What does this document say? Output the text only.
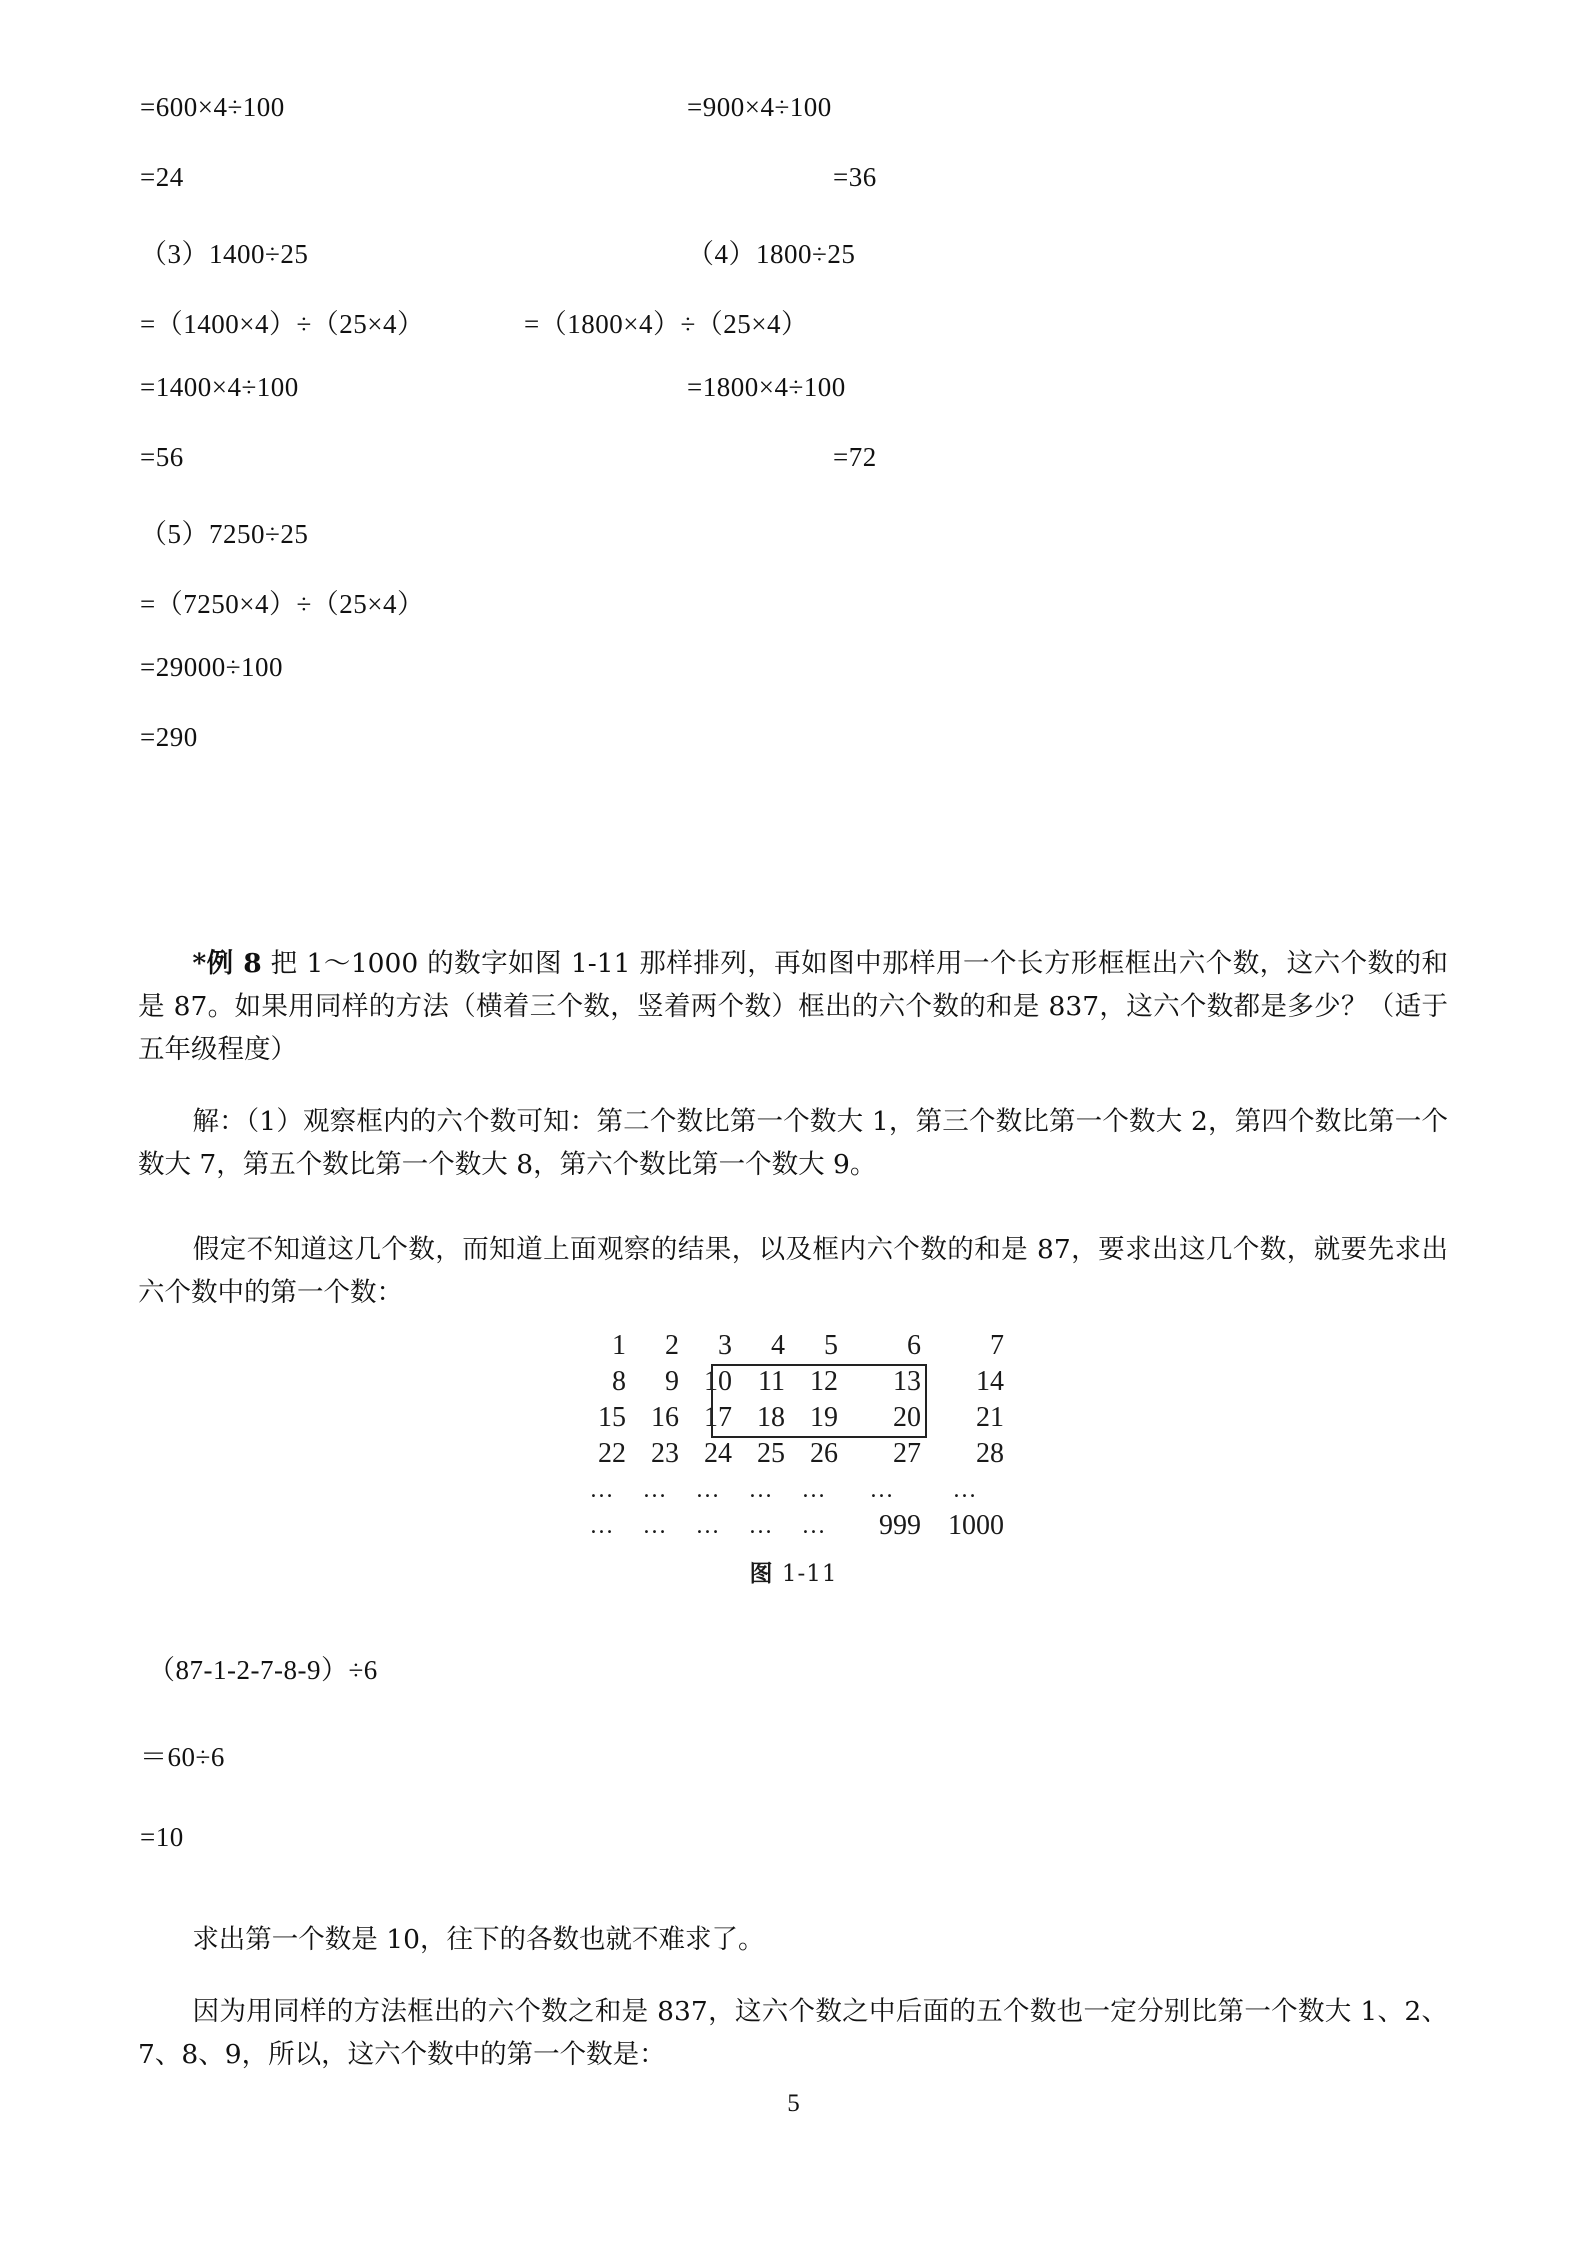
=600×4÷100	=900×4÷100
=24	=36
（3）1400÷25	（4）1800÷25
=（1400×4）÷（25×4）	=（1800×4）÷（25×4）
=1400×4÷100	=1800×4÷100
=56	=72
（5）7250÷25
=（7250×4）÷（25×4）
=29000÷100
=290
*例 8 把 1～1000 的数字如图 1-11 那样排列，再如图中那样用一个长方形框框出六个数，这六个数的和是 87。如果用同样的方法（横着三个数，竖着两个数）框出的六个数的和是 837，这六个数都是多少？（适于五年级程度）
解：（1）观察框内的六个数可知：第二个数比第一个数大 1，第三个数比第一个数大 2，第四个数比第一个数大 7，第五个数比第一个数大 8，第六个数比第一个数大 9。
假定不知道这几个数，而知道上面观察的结果，以及框内六个数的和是 87，要求出这几个数，就要先求出六个数中的第一个数：
1	2	3	4	5	6	7
8	9	10	11	12	13	14
15	16	17	18	19	20	21
22	23	24	25	26	27	28
…	…	…	…	…	…	…
…	…	…	…	…	999	1000
图 1-11
（87-1-2-7-8-9）÷6
＝60÷6
=10
求出第一个数是 10，往下的各数也就不难求了。
因为用同样的方法框出的六个数之和是 837，这六个数之中后面的五个数也一定分别比第一个数大 1、2、7、8、9，所以，这六个数中的第一个数是：
5
